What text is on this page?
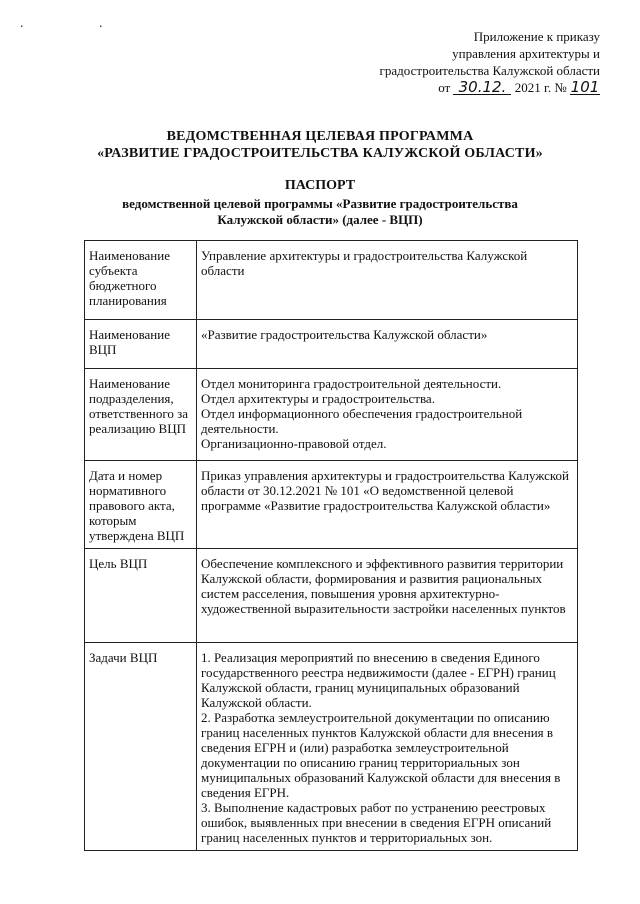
. .
Приложение к приказу
управления архитектуры и
градостроительства Калужской области
от 30.12. 2021 г. № 101
ВЕДОМСТВЕННАЯ ЦЕЛЕВАЯ ПРОГРАММА
«РАЗВИТИЕ ГРАДОСТРОИТЕЛЬСТВА КАЛУЖСКОЙ ОБЛАСТИ»
ПАСПОРТ
ведомственной целевой программы «Развитие градостроительства
Калужской области» (далее - ВЦП)
Наименование субъекта бюджетного планирования	Управление архитектуры и градостроительства Калужской области

Наименование ВЦП	«Развитие градостроительства Калужской области»

Наименование подразделения, ответственного за реализацию ВЦП	Отдел мониторинга градостроительной деятельности.
Отдел архитектуры и градостроительства.
Отдел информационного обеспечения градостроительной деятельности.
Организационно-правовой отдел.

Дата и номер нормативного правового акта, которым утверждена ВЦП	Приказ управления архитектуры и градостроительства Калужской области от 30.12.2021 № 101 «О ведомственной целевой программе «Развитие градостроительства Калужской области»

Цель ВЦП	Обеспечение комплексного и эффективного развития территории Калужской области, формирования и развития рациональных систем расселения, повышения уровня архитектурно-художественной выразительности застройки населенных пунктов

Задачи ВЦП	1. Реализация мероприятий по внесению в сведения Единого государственного реестра недвижимости (далее - ЕГРН) границ Калужской области, границ муниципальных образований Калужской области.
2. Разработка землеустроительной документации по описанию границ населенных пунктов Калужской области для внесения в сведения ЕГРН и (или) разработка землеустроительной документации по описанию границ территориальных зон муниципальных образований Калужской области для внесения в сведения ЕГРН.
3. Выполнение кадастровых работ по устранению реестровых ошибок, выявленных при внесении в сведения ЕГРН описаний границ населенных пунктов и территориальных зон.
